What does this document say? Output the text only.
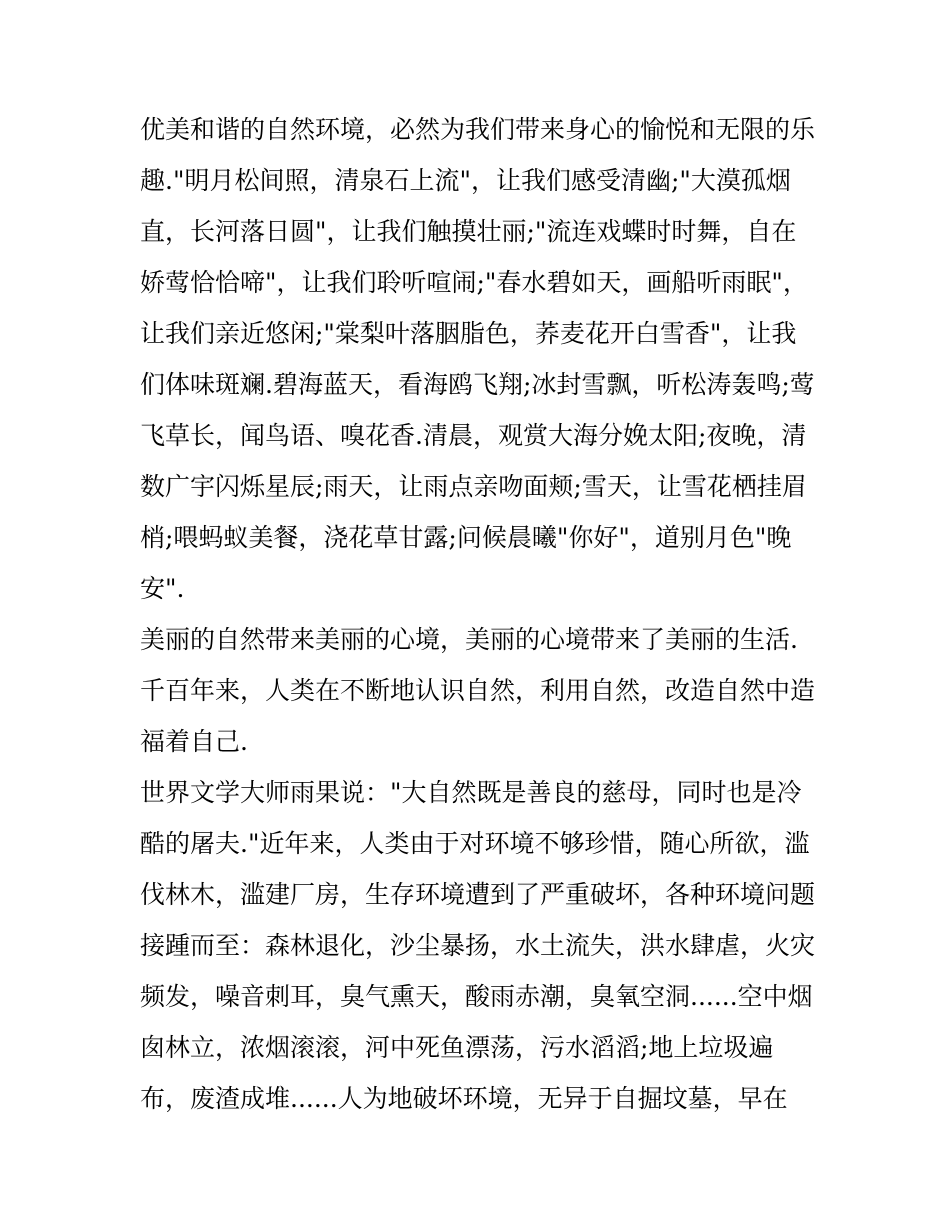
优美和谐的自然环境，必然为我们带来身心的愉悦和无限的乐
趣."明月松间照，清泉石上流"，让我们感受清幽;"大漠孤烟
直，长河落日圆"，让我们触摸壮丽;"流连戏蝶时时舞，自在
娇莺恰恰啼"，让我们聆听喧闹;"春水碧如天，画船听雨眠"，
让我们亲近悠闲;"棠梨叶落胭脂色，荞麦花开白雪香"，让我
们体味斑斓.碧海蓝天，看海鸥飞翔;冰封雪飘，听松涛轰鸣;莺
飞草长，闻鸟语、嗅花香.清晨，观赏大海分娩太阳;夜晚，清
数广宇闪烁星辰;雨天，让雨点亲吻面颊;雪天，让雪花栖挂眉
梢;喂蚂蚁美餐，浇花草甘露;问候晨曦"你好"，道别月色"晚
安".
美丽的自然带来美丽的心境，美丽的心境带来了美丽的生活.
千百年来，人类在不断地认识自然，利用自然，改造自然中造
福着自己.
世界文学大师雨果说："大自然既是善良的慈母，同时也是冷
酷的屠夫."近年来，人类由于对环境不够珍惜，随心所欲，滥
伐林木，滥建厂房，生存环境遭到了严重破坏，各种环境问题
接踵而至：森林退化，沙尘暴扬，水土流失，洪水肆虐，火灾
频发，噪音刺耳，臭气熏天，酸雨赤潮，臭氧空洞......空中烟
囱林立，浓烟滚滚，河中死鱼漂荡，污水滔滔;地上垃圾遍
布，废渣成堆......人为地破坏环境，无异于自掘坟墓，早在
